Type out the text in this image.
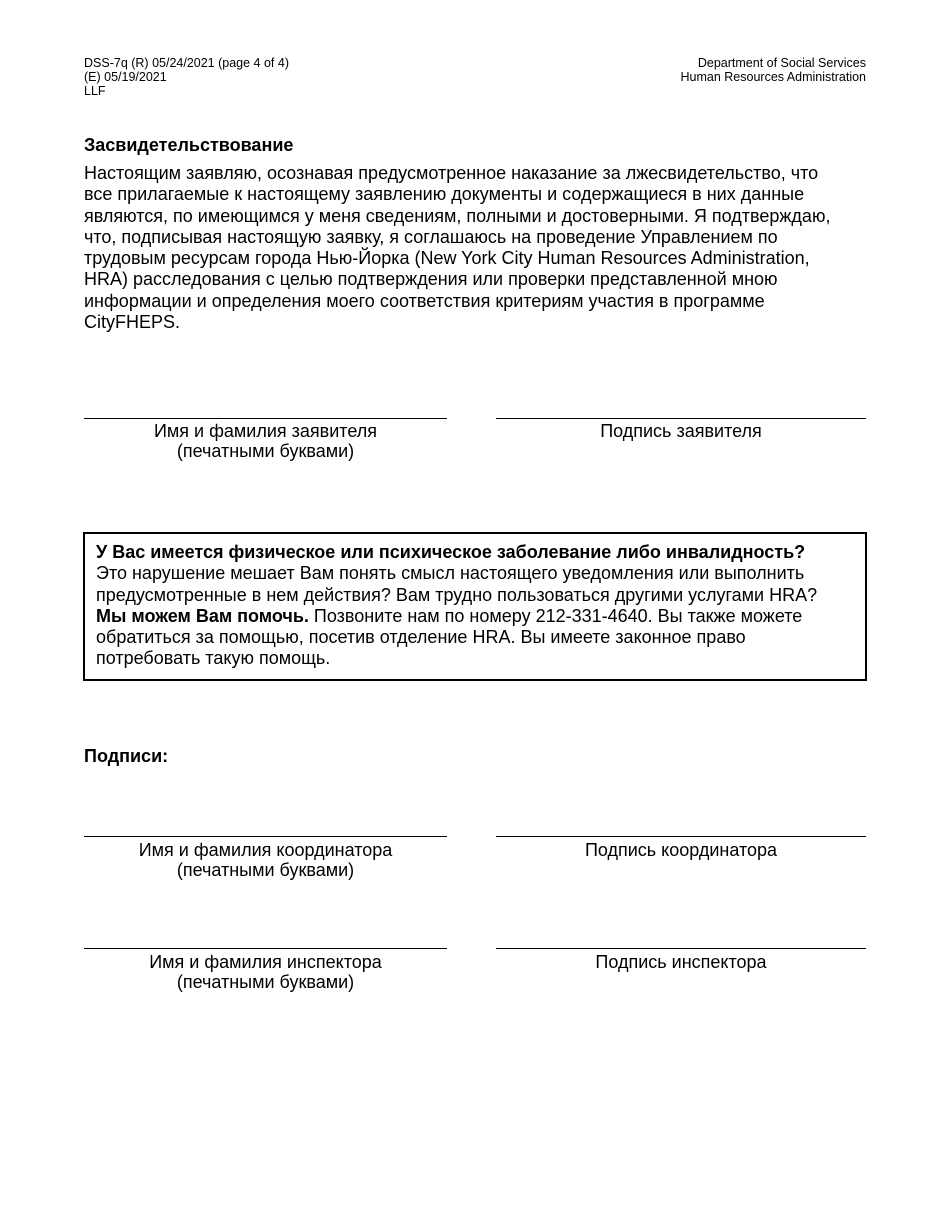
DSS-7q (R) 05/24/2021 (page 4 of 4)
(E) 05/19/2021
LLF
Department of Social Services
Human Resources Administration
Засвидетельствование
Настоящим заявляю, осознавая предусмотренное наказание за лжесвидетельство, что
все прилагаемые к настоящему заявлению документы и содержащиеся в них данные
являются, по имеющимся у меня сведениям, полными и достоверными. Я подтверждаю,
что, подписывая настоящую заявку, я соглашаюсь на проведение Управлением по
трудовым ресурсам города Нью-Йорка (New York City Human Resources Administration,
HRA) расследования с целью подтверждения или проверки представленной мною
информации и определения моего соответствия критериям участия в программе
CityFHEPS.
Имя и фамилия заявителя
(печатными буквами)
Подпись заявителя
У Вас имеется физическое или психическое заболевание либо инвалидность?
Это нарушение мешает Вам понять смысл настоящего уведомления или выполнить
предусмотренные в нем действия? Вам трудно пользоваться другими услугами HRA?
Мы можем Вам помочь. Позвоните нам по номеру 212-331-4640. Вы также можете
обратиться за помощью, посетив отделение HRA. Вы имеете законное право
потребовать такую помощь.
Подписи:
Имя и фамилия координатора
(печатными буквами)
Подпись координатора
Имя и фамилия инспектора
(печатными буквами)
Подпись инспектора
